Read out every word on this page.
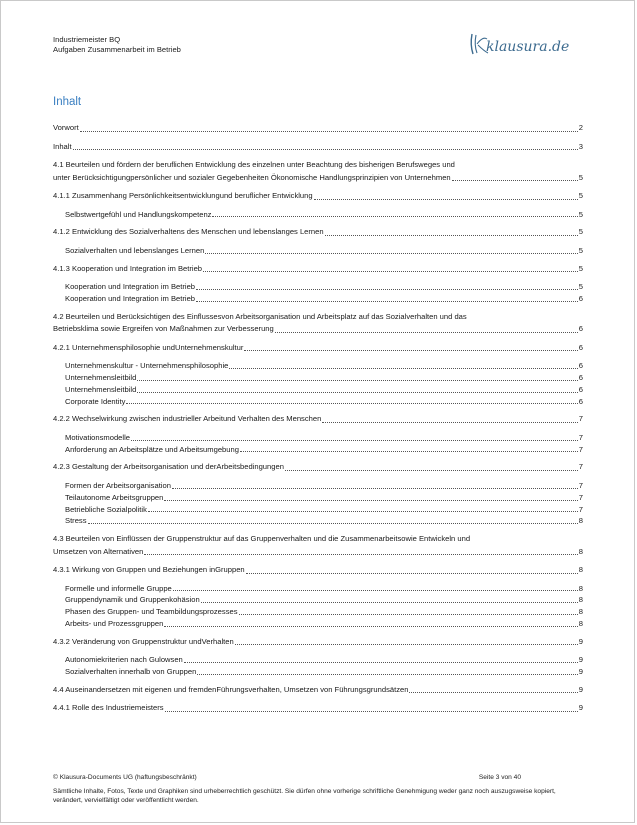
Industriemeister BQ
Aufgaben Zusammenarbeit im Betrieb	klausura.de
Inhalt
Vorwort	2
Inhalt	3
4.1 Beurteilen und fördern der beruflichen Entwicklung des einzelnen unter Beachtung des bisherigen Berufsweges und
unter Berücksichtigungpersönlicher und sozialer Gegebenheiten Ökonomische Handlungsprinzipien von Unternehmen	5
4.1.1 Zusammenhang Persönlichkeitsentwicklungund beruflicher Entwicklung	5
Selbstwertgefühl und Handlungskompetenz	5
4.1.2 Entwicklung des Sozialverhaltens des Menschen und lebenslanges Lernen	5
Sozialverhalten und lebenslanges Lernen	5
4.1.3 Kooperation und Integration im Betrieb	5
Kooperation und Integration im Betrieb	5
Kooperation und Integration im Betrieb	6
4.2 Beurteilen und Berücksichtigen des Einflussesvon Arbeitsorganisation und Arbeitsplatz auf das Sozialverhalten und das
Betriebsklima sowie Ergreifen von Maßnahmen zur Verbesserung	6
4.2.1 Unternehmensphilosophie undUnternehmenskultur	6
Unternehmenskultur - Unternehmensphilosophie	6
Unternehmensleitbild	6
Unternehmensleitbild	6
Corporate Identity	6
4.2.2 Wechselwirkung zwischen industrieller Arbeitund Verhalten des Menschen	7
Motivationsmodelle	7
Anforderung an Arbeitsplätze und Arbeitsumgebung	7
4.2.3 Gestaltung der Arbeitsorganisation und derArbeitsbedingungen	7
Formen der Arbeitsorganisation	7
Teilautonome Arbeitsgruppen	7
Betriebliche Sozialpolitik	7
Stress	8
4.3 Beurteilen von Einflüssen der Gruppenstruktur auf das Gruppenverhalten und die Zusammenarbeitsowie Entwickeln und
Umsetzen von Alternativen	8
4.3.1 Wirkung von Gruppen und Beziehungen inGruppen	8
Formelle und informelle Gruppe	8
Gruppendynamik und Gruppenkohäsion	8
Phasen des Gruppen- und Teambildungsprozesses	8
Arbeits- und Prozessgruppen	8
4.3.2 Veränderung von Gruppenstruktur undVerhalten	9
Autonomiekriterien nach Gulowsen	9
Sozialverhalten innerhalb von Gruppen	9
4.4 Auseinandersetzen mit eigenen und fremdenFührungsverhalten, Umsetzen von Führungsgrundsätzen	9
4.4.1 Rolle des Industriemeisters	9
© Klausura-Documents UG (haftungsbeschränkt)	Seite 3 von 40
Sämtliche Inhalte, Fotos, Texte und Graphiken sind urheberrechtlich geschützt. Sie dürfen ohne vorherige schriftliche Genehmigung weder ganz noch auszugsweise kopiert, verändert, vervielfältigt oder veröffentlicht werden.
